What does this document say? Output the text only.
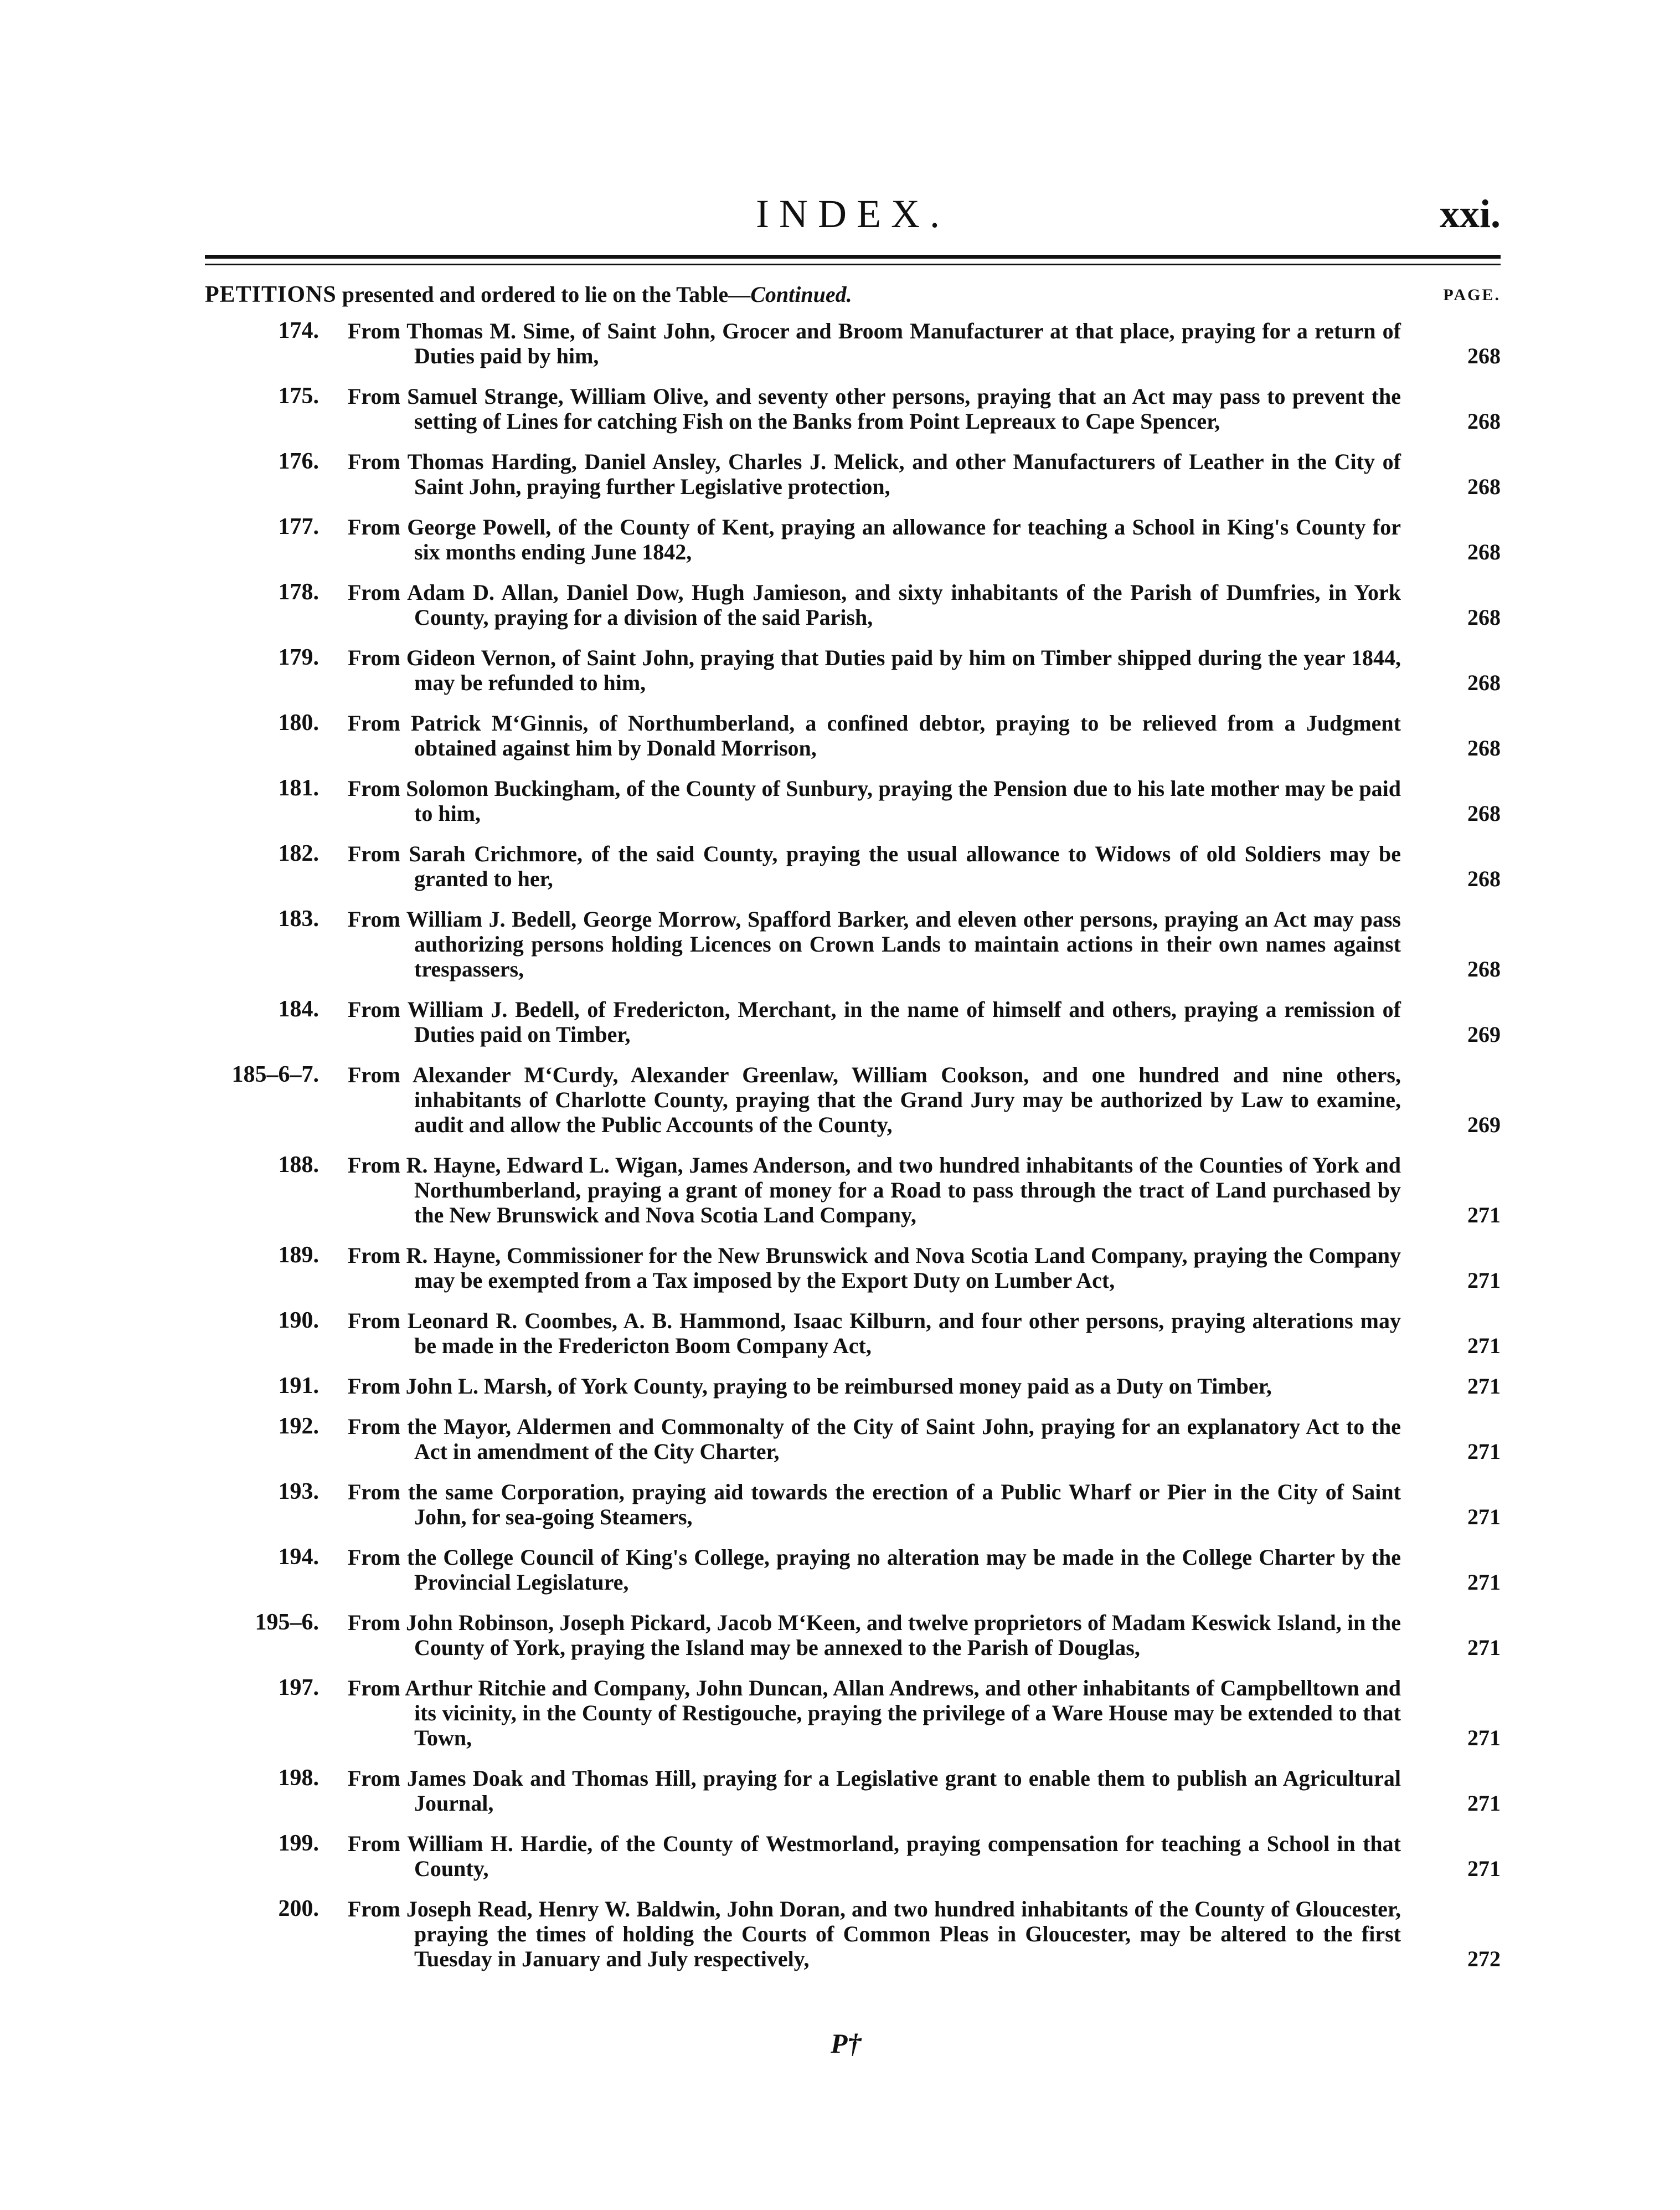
INDEX.	xxi.
PETITIONS presented and ordered to lie on the Table—Continued.	PAGE.
174.	From Thomas M. Sime, of Saint John, Grocer and Broom Manufacturer at that place, praying for a return of Duties paid by him,	268
175.	From Samuel Strange, William Olive, and seventy other persons, praying that an Act may pass to prevent the setting of Lines for catching Fish on the Banks from Point Lepreaux to Cape Spencer,	268
176.	From Thomas Harding, Daniel Ansley, Charles J. Melick, and other Manufacturers of Leather in the City of Saint John, praying further Legislative protection,	268
177.	From George Powell, of the County of Kent, praying an allowance for teaching a School in King's County for six months ending June 1842,	268
178.	From Adam D. Allan, Daniel Dow, Hugh Jamieson, and sixty inhabitants of the Parish of Dumfries, in York County, praying for a division of the said Parish,	268
179.	From Gideon Vernon, of Saint John, praying that Duties paid by him on Timber shipped during the year 1844, may be refunded to him,	268
180.	From Patrick M‘Ginnis, of Northumberland, a confined debtor, praying to be relieved from a Judgment obtained against him by Donald Morrison,	268
181.	From Solomon Buckingham, of the County of Sunbury, praying the Pension due to his late mother may be paid to him,	268
182.	From Sarah Crichmore, of the said County, praying the usual allowance to Widows of old Soldiers may be granted to her,	268
183.	From William J. Bedell, George Morrow, Spafford Barker, and eleven other persons, praying an Act may pass authorizing persons holding Licences on Crown Lands to maintain actions in their own names against trespassers,	268
184.	From William J. Bedell, of Fredericton, Merchant, in the name of himself and others, praying a remission of Duties paid on Timber,	269
185–6–7.	From Alexander M‘Curdy, Alexander Greenlaw, William Cookson, and one hundred and nine others, inhabitants of Charlotte County, praying that the Grand Jury may be authorized by Law to examine, audit and allow the Public Accounts of the County,	269
188.	From R. Hayne, Edward L. Wigan, James Anderson, and two hundred inhabitants of the Counties of York and Northumberland, praying a grant of money for a Road to pass through the tract of Land purchased by the New Brunswick and Nova Scotia Land Company,	271
189.	From R. Hayne, Commissioner for the New Brunswick and Nova Scotia Land Company, praying the Company may be exempted from a Tax imposed by the Export Duty on Lumber Act,	271
190.	From Leonard R. Coombes, A. B. Hammond, Isaac Kilburn, and four other persons, praying alterations may be made in the Fredericton Boom Company Act,	271
191.	From John L. Marsh, of York County, praying to be reimbursed money paid as a Duty on Timber,	271
192.	From the Mayor, Aldermen and Commonalty of the City of Saint John, praying for an explanatory Act to the Act in amendment of the City Charter,	271
193.	From the same Corporation, praying aid towards the erection of a Public Wharf or Pier in the City of Saint John, for sea-going Steamers,	271
194.	From the College Council of King's College, praying no alteration may be made in the College Charter by the Provincial Legislature,	271
195–6.	From John Robinson, Joseph Pickard, Jacob M‘Keen, and twelve proprietors of Madam Keswick Island, in the County of York, praying the Island may be annexed to the Parish of Douglas,	271
197.	From Arthur Ritchie and Company, John Duncan, Allan Andrews, and other inhabitants of Campbelltown and its vicinity, in the County of Restigouche, praying the privilege of a Ware House may be extended to that Town,	271
198.	From James Doak and Thomas Hill, praying for a Legislative grant to enable them to publish an Agricultural Journal,	271
199.	From William H. Hardie, of the County of Westmorland, praying compensation for teaching a School in that County,	271
200.	From Joseph Read, Henry W. Baldwin, John Doran, and two hundred inhabitants of the County of Gloucester, praying the times of holding the Courts of Common Pleas in Gloucester, may be altered to the first Tuesday in January and July respectively,	272
P†
